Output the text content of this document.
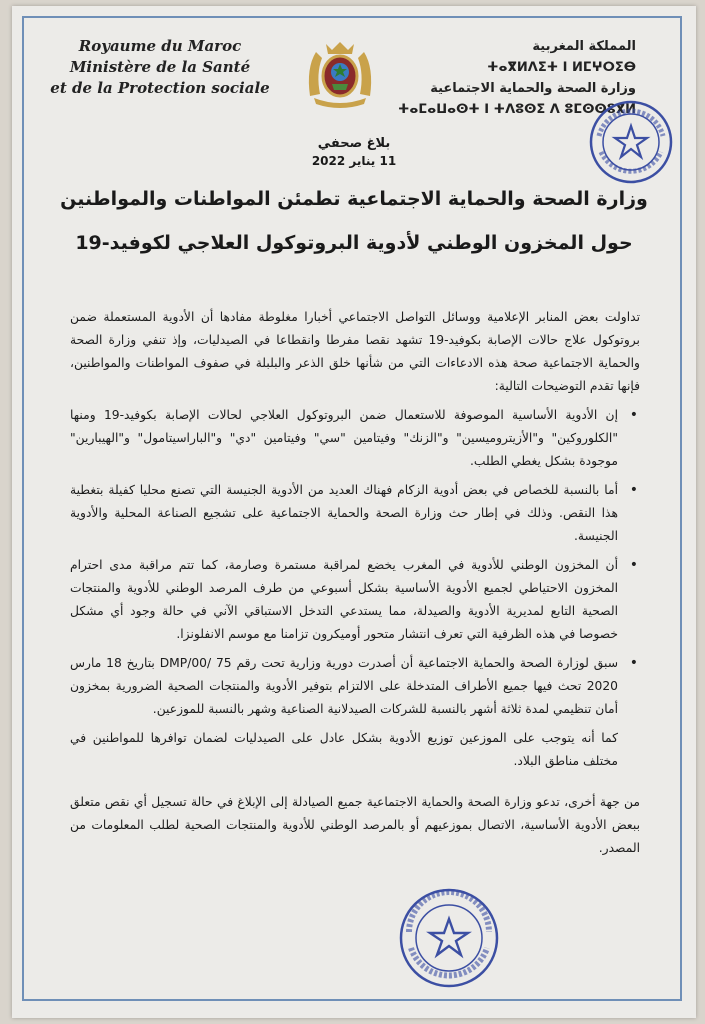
Royaume du Maroc
Ministère de la Santé
et de la Protection sociale
المملكة المغربية
ⵜⴰⴳⵍⴷⵉⵜ ⵏ ⵍⵎⵖⵔⵉⴱ
وزارة الصحة والحماية الاجتماعية
ⵜⴰⵎⴰⵡⴰⵙⵜ ⵏ ⵜⴷⵓⵙⵉ ⴷ ⵓⵎⵙⵙⵓⴳⵍ
بلاغ صحفي
11 يناير 2022
وزارة الصحة والحماية الاجتماعية تطمئن المواطنات والمواطنين
حول المخزون الوطني لأدوية البروتوكول العلاجي لكوفيد-19

تداولت بعض المنابر الإعلامية ووسائل التواصل الاجتماعي أخبارا مغلوطة مفادها أن الأدوية المستعملة ضمن بروتوكول علاج حالات الإصابة بكوفيد-19 تشهد نقصا مفرطا وانقطاعا في الصيدليات، وإذ تنفي وزارة الصحة والحماية الاجتماعية صحة هذه الادعاءات التي من شأنها خلق الذعر والبلبلة في صفوف المواطنات والمواطنين، فإنها تقدم التوضيحات التالية:

• إن الأدوية الأساسية الموصوفة للاستعمال ضمن البروتوكول العلاجي لحالات الإصابة بكوفيد-19 ومنها "الكلوروكين" و"الأزيتروميسين" و"الزنك" وفيتامين "سي" وفيتامين "دي" و"الباراسيتامول" و"الهيبارين" موجودة بشكل يغطي الطلب.
• أما بالنسبة للخصاص في بعض أدوية الزكام فهناك العديد من الأدوية الجنيسة التي تصنع محليا كفيلة بتغطية هذا النقص. وذلك في إطار حث وزارة الصحة والحماية الاجتماعية على تشجيع الصناعة المحلية والأدوية الجنيسة.
• أن المخزون الوطني للأدوية في المغرب يخضع لمراقبة مستمرة وصارمة، كما تتم مراقبة مدى احترام المخزون الاحتياطي لجميع الأدوية الأساسية بشكل أسبوعي من طرف المرصد الوطني للأدوية والمنتجات الصحية التابع لمديرية الأدوية والصيدلة، مما يستدعي التدخل الاستباقي الآني في حالة وجود أي مشكل خصوصا في هذه الظرفية التي تعرف انتشار متحور أوميكرون تزامنا مع موسم الانفلونزا.
• سبق لوزارة الصحة والحماية الاجتماعية أن أصدرت دورية وزارية تحت رقم DMP/00/ 75 بتاريخ 18 مارس 2020 تحث فيها جميع الأطراف المتدخلة على الالتزام بتوفير الأدوية والمنتجات الصحية الضرورية بمخزون أمان تنظيمي لمدة ثلاثة أشهر بالنسبة للشركات الصيدلانية الصناعية وشهر بالنسبة للموزعين.

كما أنه يتوجب على الموزعين توزيع الأدوية بشكل عادل على الصيدليات لضمان توافرها للمواطنين في مختلف مناطق البلاد.

من جهة أخرى، تدعو وزارة الصحة والحماية الاجتماعية جميع الصيادلة إلى الإبلاغ في حالة تسجيل أي نقص متعلق ببعض الأدوية الأساسية، الاتصال بموزعيهم أو بالمرصد الوطني للأدوية والمنتجات الصحية لطلب المعلومات من المصدر.
